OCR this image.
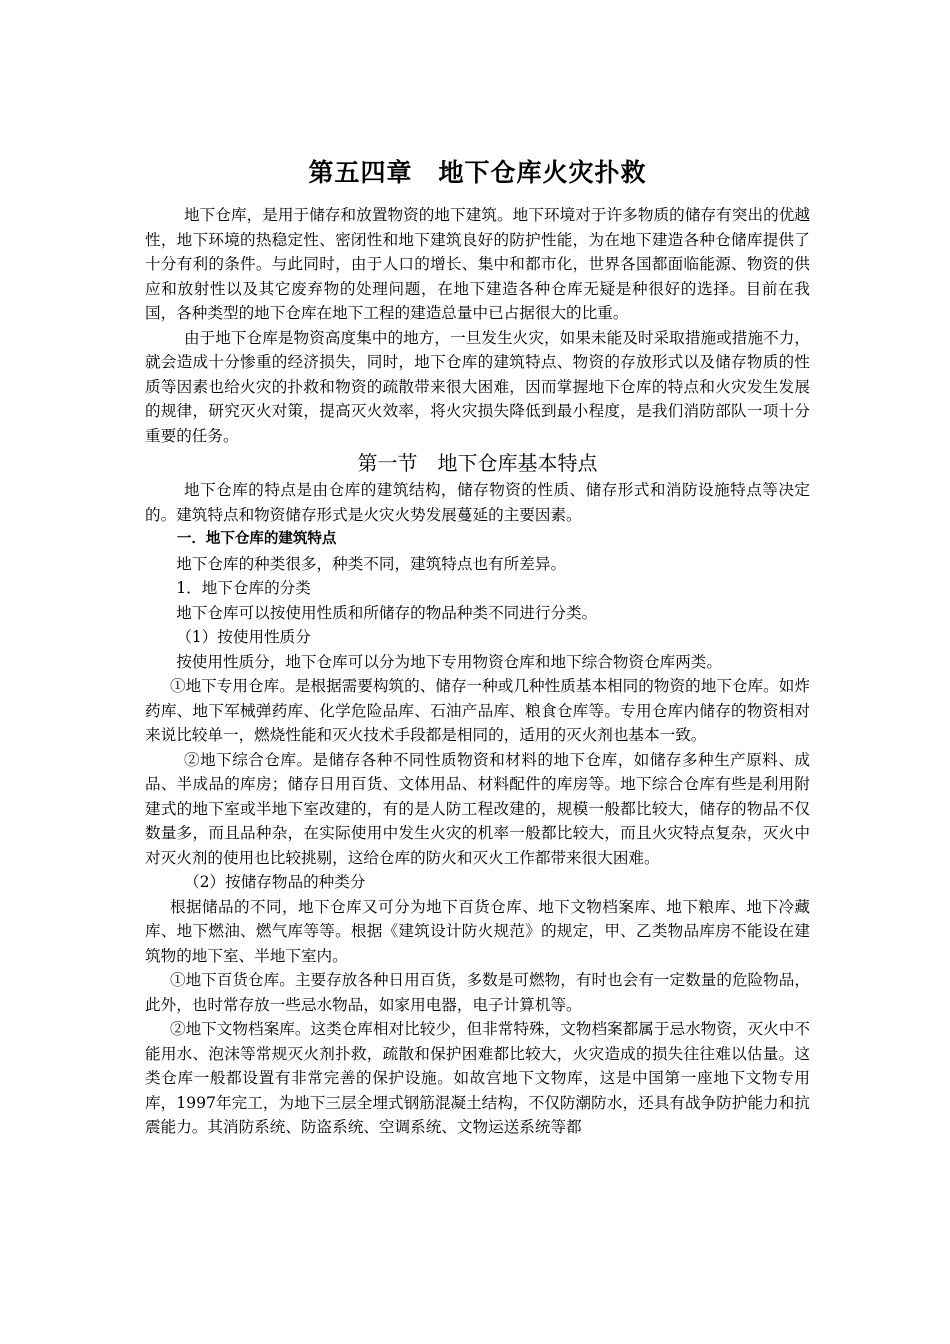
第五四章　地下仓库火灾扑救

地下仓库，是用于储存和放置物资的地下建筑。地下环境对于许多物质的储存有突出的优越性，地下环境的热稳定性、密闭性和地下建筑良好的防护性能，为在地下建造各种仓储库提供了十分有利的条件。与此同时，由于人口的增长、集中和都市化，世界各国都面临能源、物资的供应和放射性以及其它废弃物的处理问题，在地下建造各种仓库无疑是种很好的选择。目前在我国，各种类型的地下仓库在地下工程的建造总量中已占据很大的比重。

由于地下仓库是物资高度集中的地方，一旦发生火灾，如果未能及时采取措施或措施不力，就会造成十分惨重的经济损失，同时，地下仓库的建筑特点、物资的存放形式以及储存物质的性质等因素也给火灾的扑救和物资的疏散带来很大困难，因而掌握地下仓库的特点和火灾发生发展的规律，研究灭火对策，提高灭火效率，将火灾损失降低到最小程度，是我们消防部队一项十分重要的任务。

第一节　地下仓库基本特点

地下仓库的特点是由仓库的建筑结构，储存物资的性质、储存形式和消防设施特点等决定的。建筑特点和物资储存形式是火灾火势发展蔓延的主要因素。

一．地下仓库的建筑特点

地下仓库的种类很多，种类不同，建筑特点也有所差异。

1．地下仓库的分类

地下仓库可以按使用性质和所储存的物品种类不同进行分类。

（1）按使用性质分

按使用性质分，地下仓库可以分为地下专用物资仓库和地下综合物资仓库两类。

①地下专用仓库。是根据需要构筑的、储存一种或几种性质基本相同的物资的地下仓库。如炸药库、地下军械弹药库、化学危险品库、石油产品库、粮食仓库等。专用仓库内储存的物资相对来说比较单一，燃烧性能和灭火技术手段都是相同的，适用的灭火剂也基本一致。

②地下综合仓库。是储存各种不同性质物资和材料的地下仓库，如储存多种生产原料、成品、半成品的库房；储存日用百货、文体用品、材料配件的库房等。地下综合仓库有些是利用附建式的地下室或半地下室改建的，有的是人防工程改建的，规模一般都比较大，储存的物品不仅数量多，而且品种杂，在实际使用中发生火灾的机率一般都比较大，而且火灾特点复杂，灭火中对灭火剂的使用也比较挑剔，这给仓库的防火和灭火工作都带来很大困难。

（2）按储存物品的种类分

根据储品的不同，地下仓库又可分为地下百货仓库、地下文物档案库、地下粮库、地下冷藏库、地下燃油、燃气库等等。根据《建筑设计防火规范》的规定，甲、乙类物品库房不能设在建筑物的地下室、半地下室内。

①地下百货仓库。主要存放各种日用百货，多数是可燃物，有时也会有一定数量的危险物品，此外，也时常存放一些忌水物品，如家用电器，电子计算机等。

②地下文物档案库。这类仓库相对比较少，但非常特殊，文物档案都属于忌水物资，灭火中不能用水、泡沫等常规灭火剂扑救，疏散和保护困难都比较大，火灾造成的损失往往难以估量。这类仓库一般都设置有非常完善的保护设施。如故宫地下文物库，这是中国第一座地下文物专用库，1997年完工，为地下三层全埋式钢筋混凝土结构，不仅防潮防水，还具有战争防护能力和抗震能力。其消防系统、防盗系统、空调系统、文物运送系统等都
